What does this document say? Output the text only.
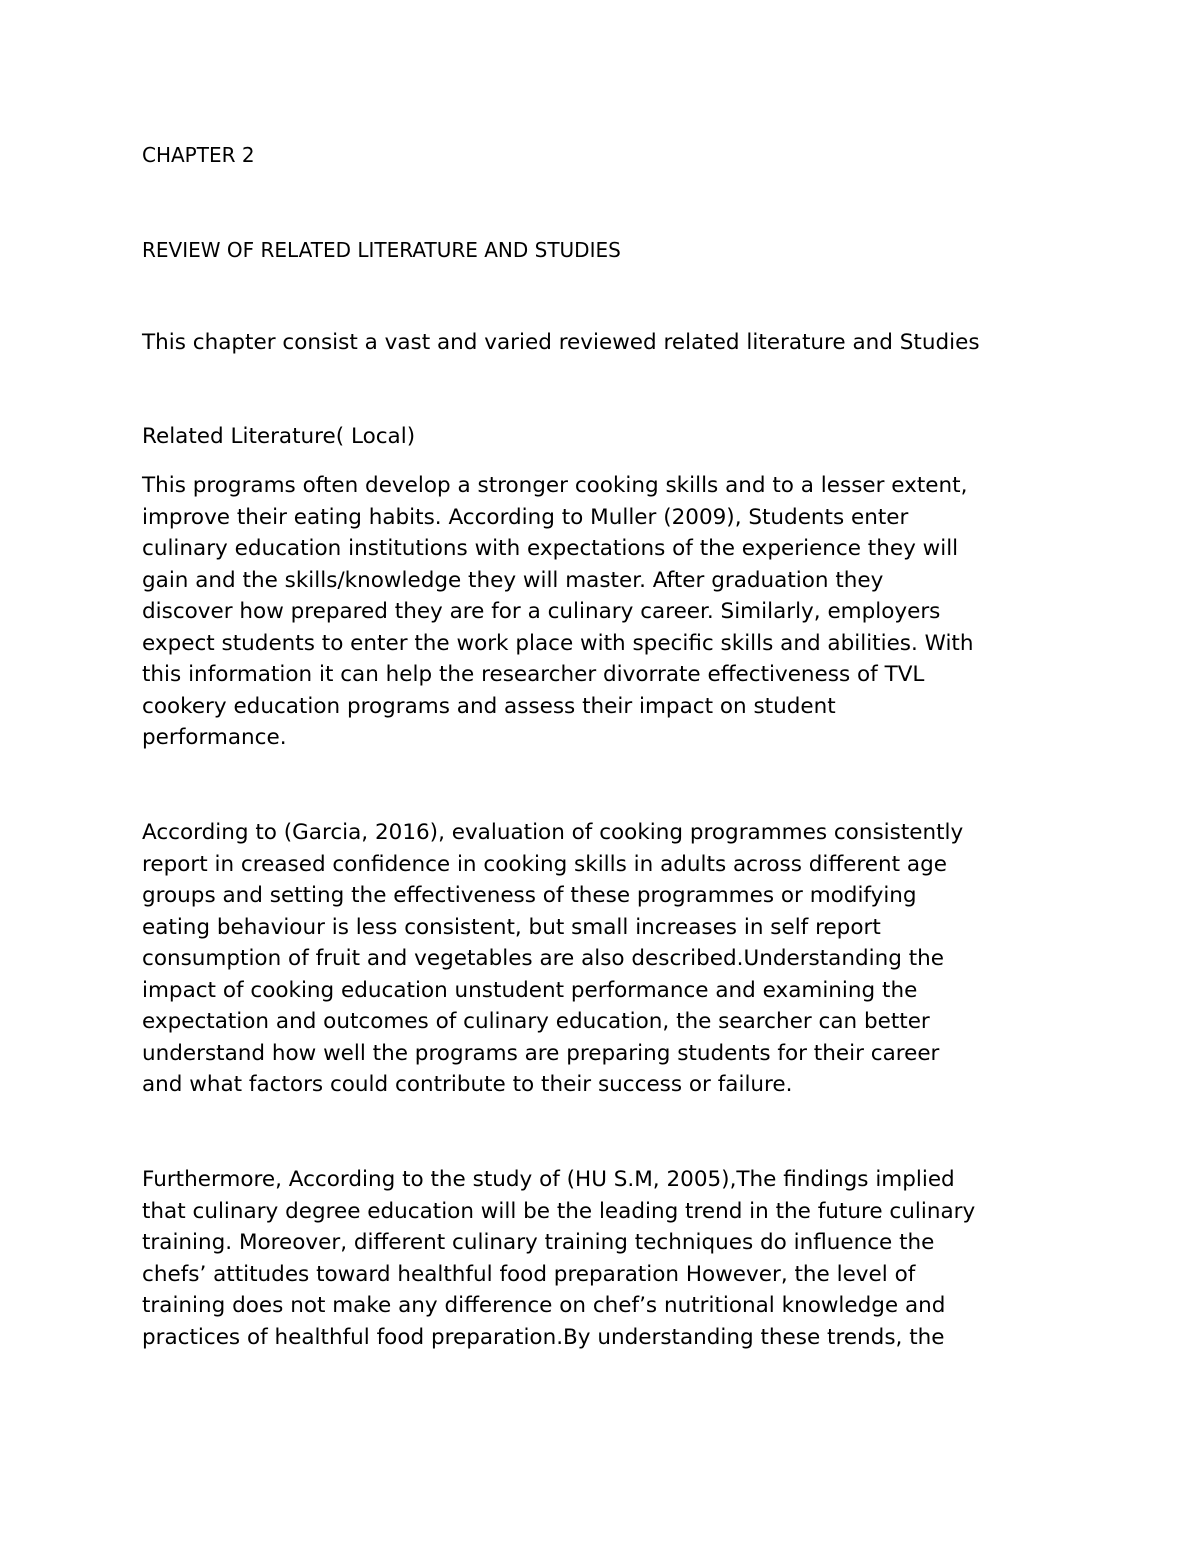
CHAPTER 2

REVIEW OF RELATED LITERATURE AND STUDIES

This chapter consist a vast and varied reviewed related literature and Studies

Related Literature( Local)

This programs often develop a stronger cooking skills and to a lesser extent,
improve their eating habits. According to Muller (2009), Students enter
culinary education institutions with expectations of the experience they will
gain and the skills/knowledge they will master. After graduation they
discover how prepared they are for a culinary career. Similarly, employers
expect students to enter the work place with specific skills and abilities. With
this information it can help the researcher divorrate effectiveness of TVL
cookery education programs and assess their impact on student
performance.
According to (Garcia, 2016), evaluation of cooking programmes consistently
report in creased confidence in cooking skills in adults across different age
groups and setting the effectiveness of these programmes or modifying
eating behaviour is less consistent, but small increases in self report
consumption of fruit and vegetables are also described.Understanding the
impact of cooking education unstudent performance and examining the
expectation and outcomes of culinary education, the searcher can better
understand how well the programs are preparing students for their career
and what factors could contribute to their success or failure.
Furthermore, According to the study of (HU S.M, 2005),The findings implied
that culinary degree education will be the leading trend in the future culinary
training. Moreover, different culinary training techniques do influence the
chefs’ attitudes toward healthful food preparation However, the level of
training does not make any difference on chef’s nutritional knowledge and
practices of healthful food preparation.By understanding these trends, the
